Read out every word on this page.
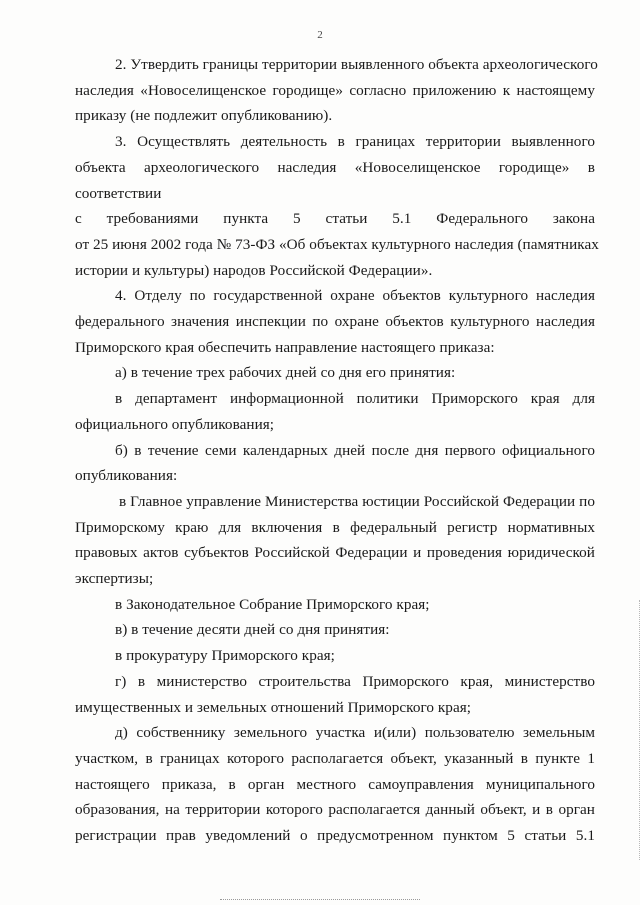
2
2. Утвердить границы территории выявленного объекта археологического
наследия «Новоселищенское городище» согласно приложению к настоящему
приказу (не подлежит опубликованию).
3. Осуществлять деятельность в границах территории выявленного
объекта археологического наследия «Новоселищенское городище» в
соответствии
с требованиями пункта 5 статьи 5.1 Федерального закона
от 25 июня 2002 года № 73-ФЗ «Об объектах культурного наследия (памятниках
истории и культуры) народов Российской Федерации».
4. Отделу по государственной охране объектов культурного наследия
федерального значения инспекции по охране объектов культурного наследия
Приморского края обеспечить направление настоящего приказа:
а) в течение трех рабочих дней со дня его принятия:
в департамент информационной политики Приморского края для
официального опубликования;
б) в течение семи календарных дней после дня первого официального
опубликования:
в Главное управление Министерства юстиции Российской Федерации по
Приморскому краю для включения в федеральный регистр нормативных
правовых актов субъектов Российской Федерации и проведения юридической
экспертизы;
в Законодательное Собрание Приморского края;
в) в течение десяти дней со дня принятия:
в прокуратуру Приморского края;
г) в министерство строительства Приморского края, министерство
имущественных и земельных отношений Приморского края;
д) собственнику земельного участка и(или) пользователю земельным
участком, в границах которого располагается объект, указанный в пункте 1
настоящего приказа, в орган местного самоуправления муниципального
образования, на территории которого располагается данный объект, и в орган
регистрации прав уведомлений о предусмотренном пунктом 5 статьи 5.1
